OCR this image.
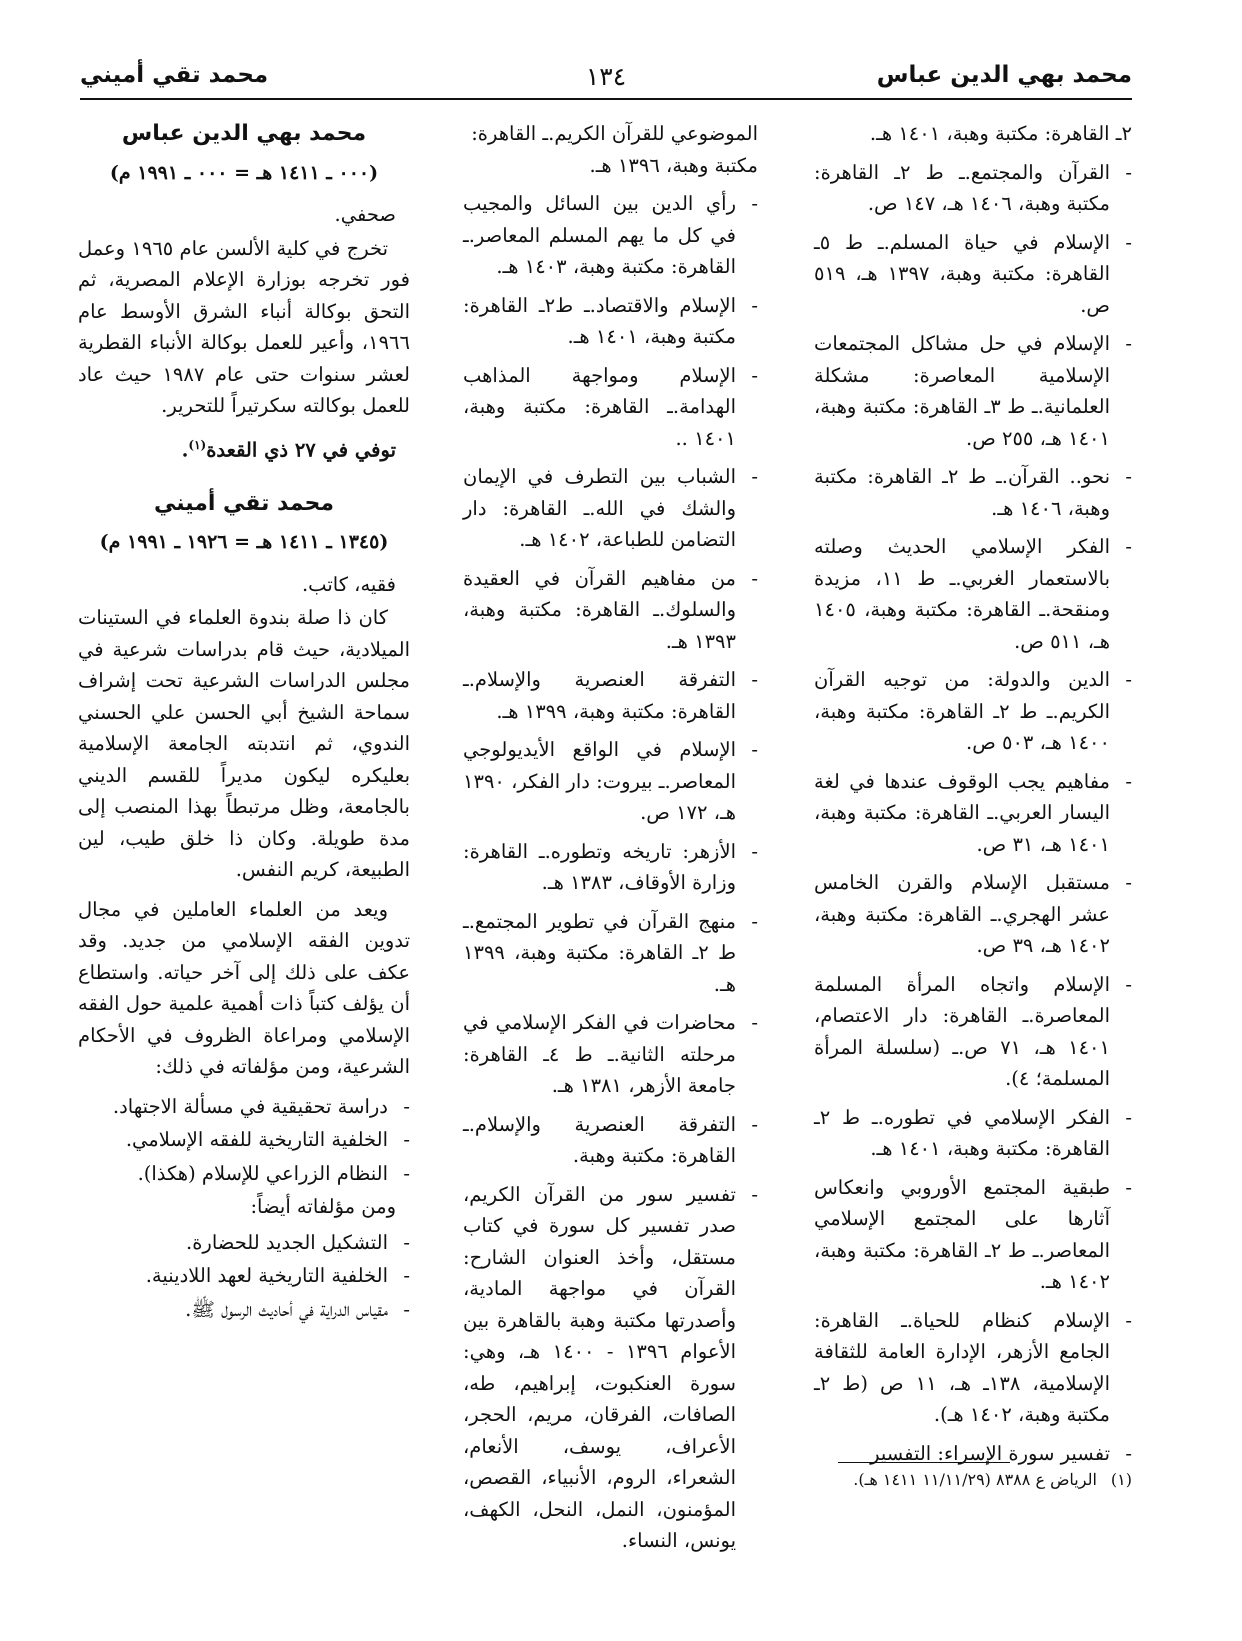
محمد بهي الدين عباس
١٣٤
محمد تقي أميني
٢ـ القاهرة: مكتبة وهبة، ١٤٠١ هـ.
-
القرآن والمجتمع.ـ ط ٢ـ القاهرة: مكتبة وهبة، ١٤٠٦ هـ، ١٤٧ ص.
-
الإسلام في حياة المسلم.ـ ط ٥ـ القاهرة: مكتبة وهبة، ١٣٩٧ هـ، ٥١٩ ص.
-
الإسلام في حل مشاكل المجتمعات الإسلامية المعاصرة: مشكلة العلمانية.ـ ط ٣ـ القاهرة: مكتبة وهبة، ١٤٠١ هـ، ٢٥٥ ص.
-
نحو.. القرآن.ـ ط ٢ـ القاهرة: مكتبة وهبة، ١٤٠٦ هـ.
-
الفكر الإسلامي الحديث وصلته بالاستعمار الغربي.ـ ط ١١، مزيدة ومنقحة.ـ القاهرة: مكتبة وهبة، ١٤٠٥ هـ، ٥١١ ص.
-
الدين والدولة: من توجيه القرآن الكريم.ـ ط ٢ـ القاهرة: مكتبة وهبة، ١٤٠٠ هـ، ٥٠٣ ص.
-
مفاهيم يجب الوقوف عندها في لغة اليسار العربي.ـ القاهرة: مكتبة وهبة، ١٤٠١ هـ، ٣١ ص.
-
مستقبل الإسلام والقرن الخامس عشر الهجري.ـ القاهرة: مكتبة وهبة، ١٤٠٢ هـ، ٣٩ ص.
-
الإسلام واتجاه المرأة المسلمة المعاصرة.ـ القاهرة: دار الاعتصام، ١٤٠١ هـ، ٧١ ص.ـ (سلسلة المرأة المسلمة؛ ٤).
-
الفكر الإسلامي في تطوره.ـ ط ٢ـ القاهرة: مكتبة وهبة، ١٤٠١ هـ.
-
طبقية المجتمع الأوروبي وانعكاس آثارها على المجتمع الإسلامي المعاصر.ـ ط ٢ـ القاهرة: مكتبة وهبة، ١٤٠٢ هـ.
-
الإسلام كنظام للحياة.ـ القاهرة: الجامع الأزهر، الإدارة العامة للثقافة الإسلامية، ١٣٨ـ هـ، ١١ ص (ط ٢ـ مكتبة وهبة، ١٤٠٢ هـ).
-
تفسير سورة الإسراء: التفسير
الموضوعي للقرآن الكريم.ـ القاهرة: مكتبة وهبة، ١٣٩٦ هـ.
-
رأي الدين بين السائل والمجيب في كل ما يهم المسلم المعاصر.ـ القاهرة: مكتبة وهبة، ١٤٠٣ هـ.
-
الإسلام والاقتصاد.ـ ط٢ـ القاهرة: مكتبة وهبة، ١٤٠١ هـ.
-
الإسلام ومواجهة المذاهب الهدامة.ـ القاهرة: مكتبة وهبة، ١٤٠١ ..
-
الشباب بين التطرف في الإيمان والشك في الله.ـ القاهرة: دار التضامن للطباعة، ١٤٠٢ هـ.
-
من مفاهيم القرآن في العقيدة والسلوك.ـ القاهرة: مكتبة وهبة، ١٣٩٣ هـ.
-
التفرقة العنصرية والإسلام.ـ القاهرة: مكتبة وهبة، ١٣٩٩ هـ.
-
الإسلام في الواقع الأيديولوجي المعاصر.ـ بيروت: دار الفكر، ١٣٩٠ هـ، ١٧٢ ص.
-
الأزهر: تاريخه وتطوره.ـ القاهرة: وزارة الأوقاف، ١٣٨٣ هـ.
-
منهج القرآن في تطوير المجتمع.ـ ط ٢ـ القاهرة: مكتبة وهبة، ١٣٩٩ هـ.
-
محاضرات في الفكر الإسلامي في مرحلته الثانية.ـ ط ٤ـ القاهرة: جامعة الأزهر، ١٣٨١ هـ.
-
التفرقة العنصرية والإسلام.ـ القاهرة: مكتبة وهبة.
-
تفسير سور من القرآن الكريم، صدر تفسير كل سورة في كتاب مستقل، وأخذ العنوان الشارح: القرآن في مواجهة المادية، وأصدرتها مكتبة وهبة بالقاهرة بين الأعوام ١٣٩٦ - ١٤٠٠ هـ، وهي: سورة العنكبوت، إبراهيم، طه، الصافات، الفرقان، مريم، الحجر، الأعراف، يوسف، الأنعام، الشعراء، الروم، الأنبياء، القصص، المؤمنون، النمل، النحل، الكهف، يونس، النساء.
محمد بهي الدين عباس
(٠٠٠ ـ ١٤١١ هـ = ٠٠٠ ـ ١٩٩١ م)
صحفي.
تخرج في كلية الألسن عام ١٩٦٥ وعمل فور تخرجه بوزارة الإعلام المصرية، ثم التحق بوكالة أنباء الشرق الأوسط عام ١٩٦٦، وأعير للعمل بوكالة الأنباء القطرية لعشر سنوات حتى عام ١٩٨٧ حيث عاد للعمل بوكالته سكرتيراً للتحرير.
توفي في ٢٧ ذي القعدة$^{(١)}$.
محمد تقي أميني
(١٣٤٥ ـ ١٤١١ هـ = ١٩٢٦ ـ ١٩٩١ م)
فقيه، كاتب.
كان ذا صلة بندوة العلماء في الستينات الميلادية، حيث قام بدراسات شرعية في مجلس الدراسات الشرعية تحت إشراف سماحة الشيخ أبي الحسن علي الحسني الندوي، ثم انتدبته الجامعة الإسلامية بعليكره ليكون مديراً للقسم الديني بالجامعة، وظل مرتبطاً بهذا المنصب إلى مدة طويلة. وكان ذا خلق طيب، لين الطبيعة، كريم النفس.
ويعد من العلماء العاملين في مجال تدوين الفقه الإسلامي من جديد. وقد عكف على ذلك إلى آخر حياته. واستطاع أن يؤلف كتباً ذات أهمية علمية حول الفقه الإسلامي ومراعاة الظروف في الأحكام الشرعية، ومن مؤلفاته في ذلك:
-
دراسة تحقيقية في مسألة الاجتهاد.
-
الخلفية التاريخية للفقه الإسلامي.
-
النظام الزراعي للإسلام (هكذا).
ومن مؤلفاته أيضاً:
-
التشكيل الجديد للحضارة.
-
الخلفية التاريخية لعهد اللادينية.
-
مقياس الدراية في أحاديث الرسول ﷺ.
(١)الرياض ع ٨٣٨٨ (١١/١١/٢٩ ١٤١١ هـ).
